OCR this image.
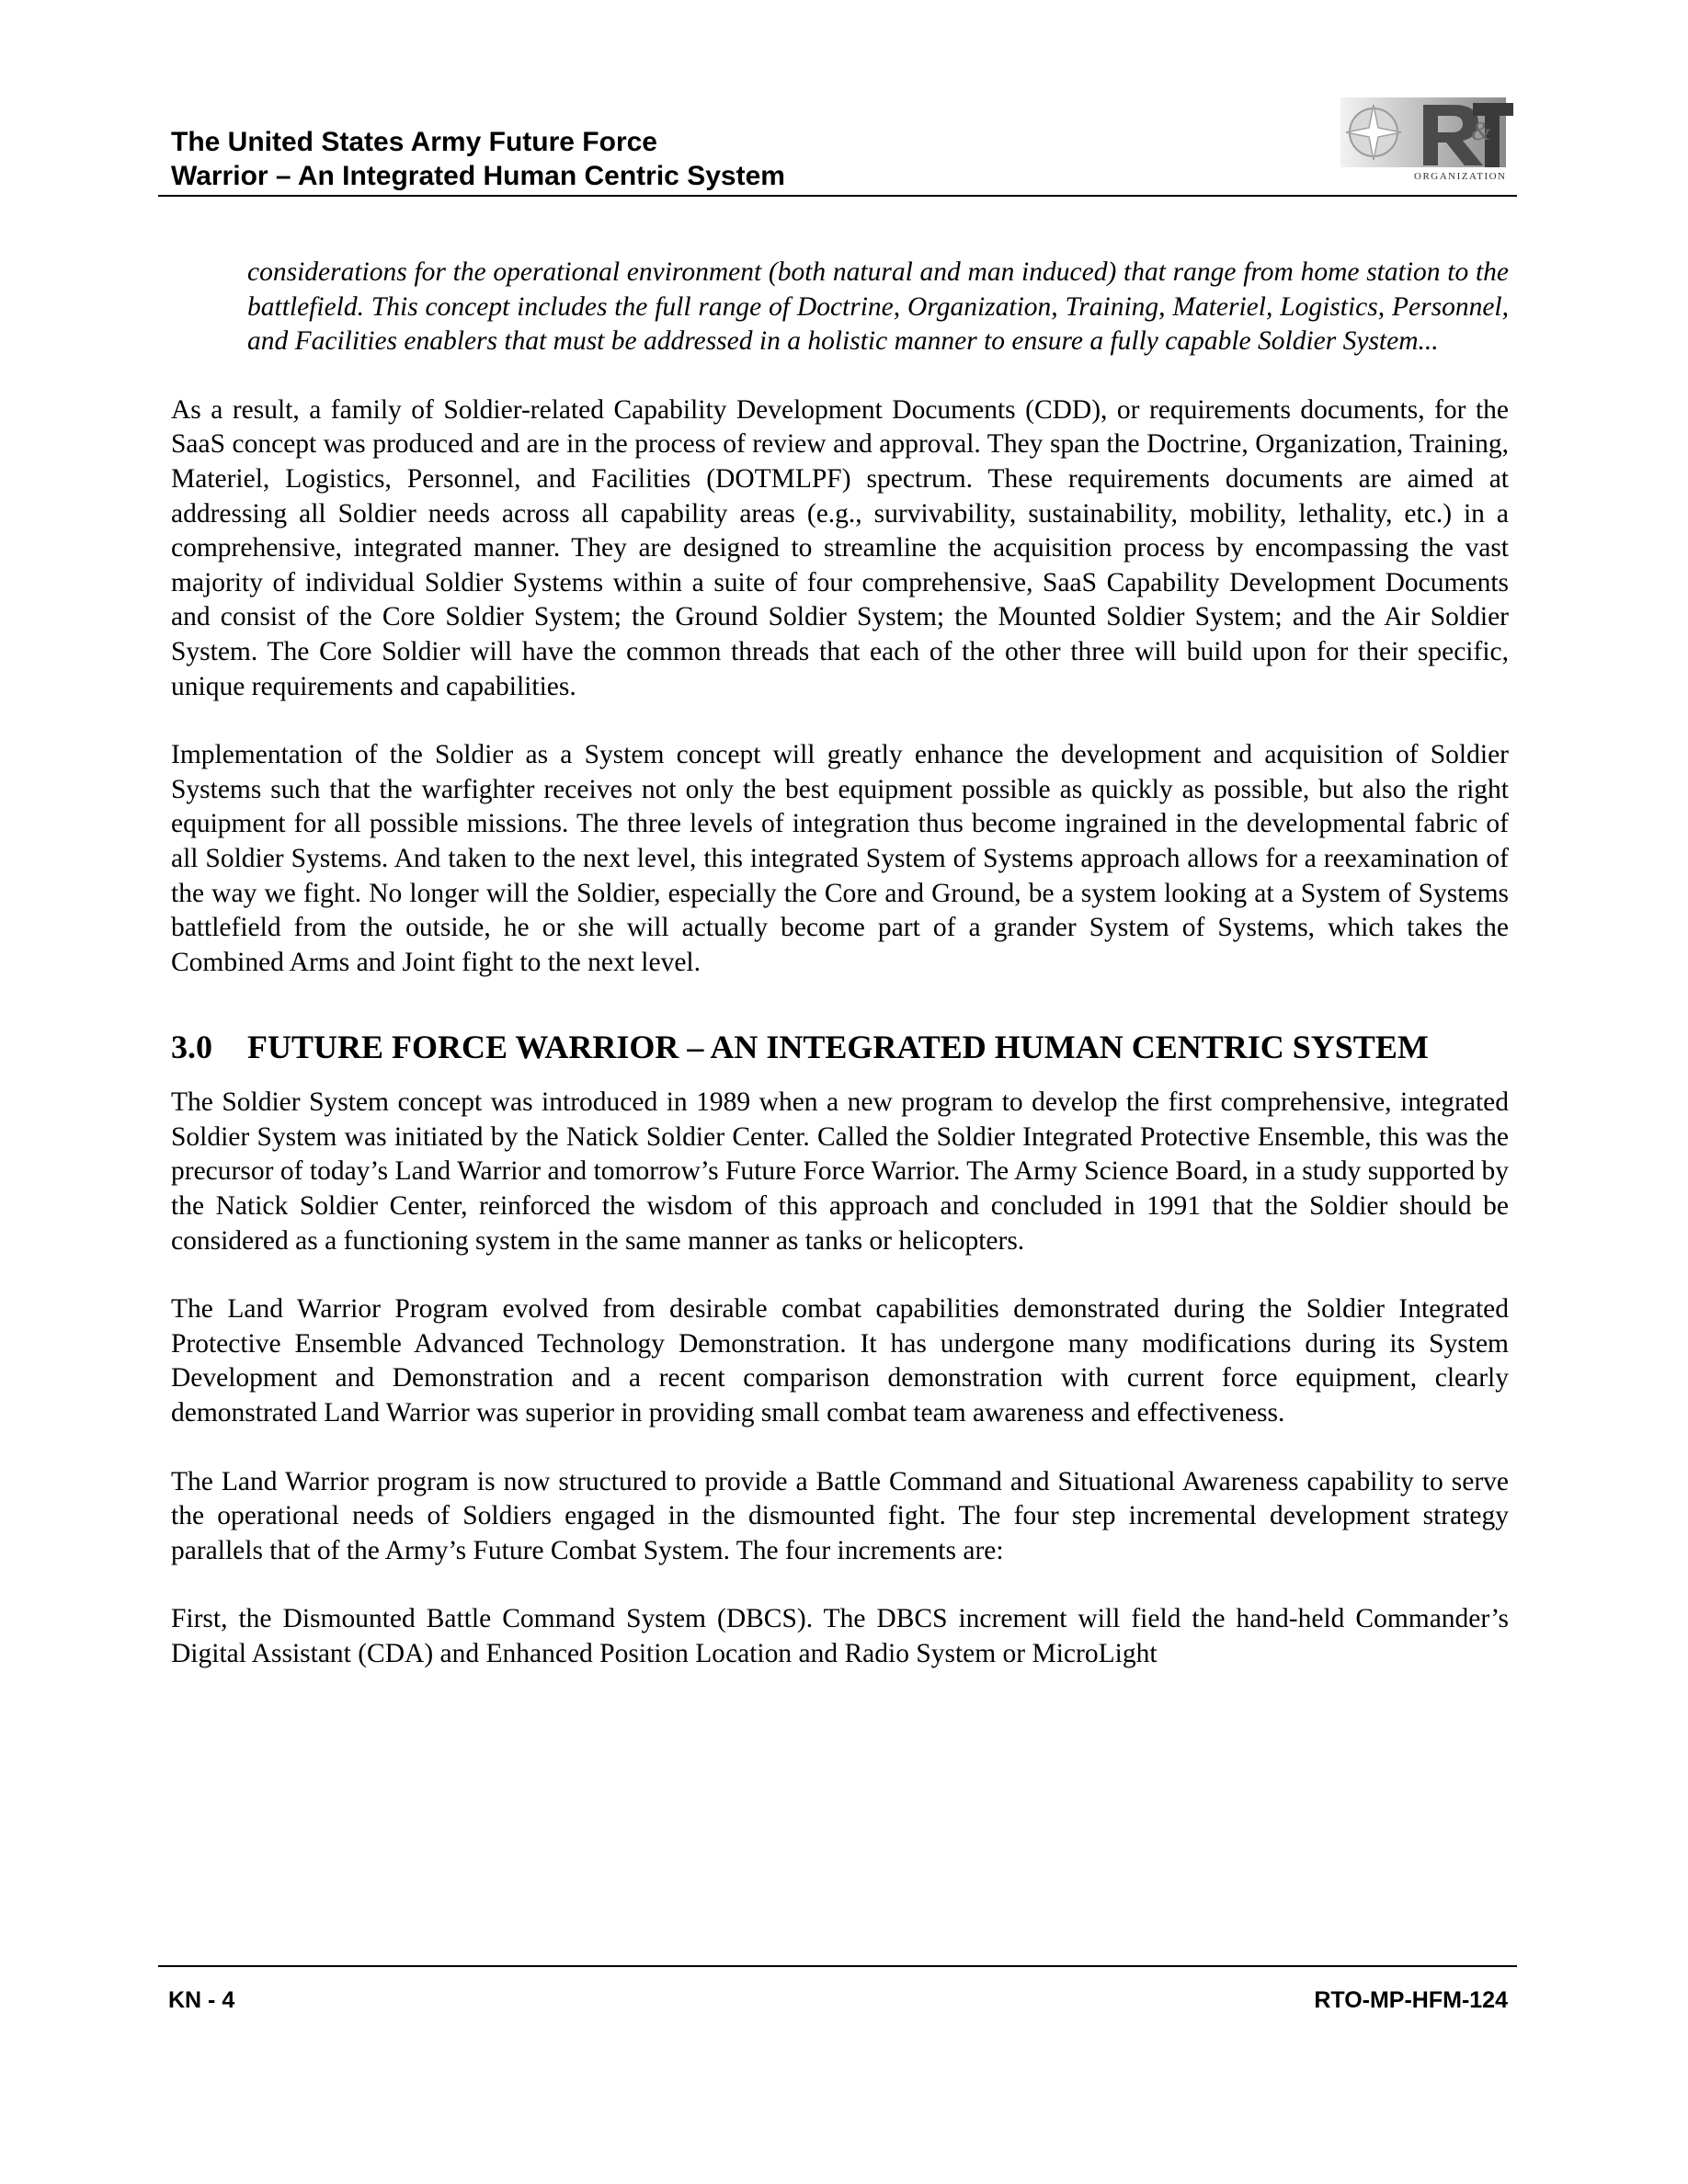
The United States Army Future Force
Warrior – An Integrated Human Centric System
&
ORGANIZATION

considerations for the operational environment (both natural and man induced) that range from home station to the battlefield. This concept includes the full range of Doctrine, Organization, Training, Materiel, Logistics, Personnel, and Facilities enablers that must be addressed in a holistic manner to ensure a fully capable Soldier System...

As a result, a family of Soldier-related Capability Development Documents (CDD), or requirements documents, for the SaaS concept was produced and are in the process of review and approval. They span the Doctrine, Organization, Training, Materiel, Logistics, Personnel, and Facilities (DOTMLPF) spectrum. These requirements documents are aimed at addressing all Soldier needs across all capability areas (e.g., survivability, sustainability, mobility, lethality, etc.) in a comprehensive, integrated manner. They are designed to streamline the acquisition process by encompassing the vast majority of individual Soldier Systems within a suite of four comprehensive, SaaS Capability Development Documents and consist of the Core Soldier System; the Ground Soldier System; the Mounted Soldier System; and the Air Soldier System. The Core Soldier will have the common threads that each of the other three will build upon for their specific, unique requirements and capabilities.

Implementation of the Soldier as a System concept will greatly enhance the development and acquisition of Soldier Systems such that the warfighter receives not only the best equipment possible as quickly as possible, but also the right equipment for all possible missions. The three levels of integration thus become ingrained in the developmental fabric of all Soldier Systems. And taken to the next level, this integrated System of Systems approach allows for a reexamination of the way we fight. No longer will the Soldier, especially the Core and Ground, be a system looking at a System of Systems battlefield from the outside, he or she will actually become part of a grander System of Systems, which takes the Combined Arms and Joint fight to the next level.

3.0	FUTURE FORCE WARRIOR – AN INTEGRATED HUMAN CENTRIC SYSTEM

The Soldier System concept was introduced in 1989 when a new program to develop the first comprehensive, integrated Soldier System was initiated by the Natick Soldier Center. Called the Soldier Integrated Protective Ensemble, this was the precursor of today’s Land Warrior and tomorrow’s Future Force Warrior. The Army Science Board, in a study supported by the Natick Soldier Center, reinforced the wisdom of this approach and concluded in 1991 that the Soldier should be considered as a functioning system in the same manner as tanks or helicopters.

The Land Warrior Program evolved from desirable combat capabilities demonstrated during the Soldier Integrated Protective Ensemble Advanced Technology Demonstration. It has undergone many modifications during its System Development and Demonstration and a recent comparison demonstration with current force equipment, clearly demonstrated Land Warrior was superior in providing small combat team awareness and effectiveness.

The Land Warrior program is now structured to provide a Battle Command and Situational Awareness capability to serve the operational needs of Soldiers engaged in the dismounted fight. The four step incremental development strategy parallels that of the Army’s Future Combat System. The four increments are:

First, the Dismounted Battle Command System (DBCS). The DBCS increment will field the hand-held Commander’s Digital Assistant (CDA) and Enhanced Position Location and Radio System or MicroLight

KN - 4	RTO-MP-HFM-124
